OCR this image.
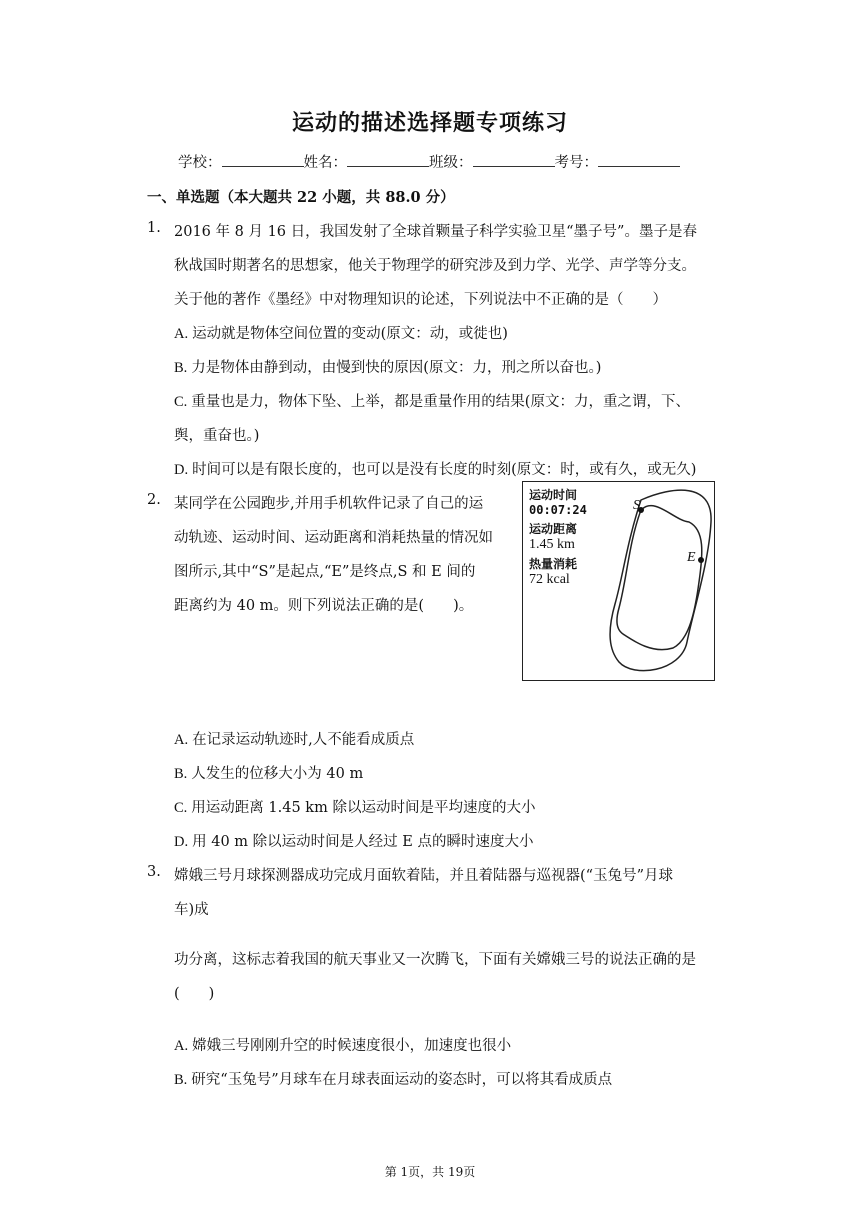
运动的描述选择题专项练习
学校：	姓名：	班级：	考号：
一、单选题（本大题共 22 小题，共 88.0 分）
1. 2016 年 8 月 16 日，我国发射了全球首颗量子科学实验卫星“墨子号”。墨子是春
秋战国时期著名的思想家，他关于物理学的研究涉及到力学、光学、声学等分支。
关于他的著作《墨经》中对物理知识的论述，下列说法中不正确的是（　　）
A. 运动就是物体空间位置的变动(原文：动，或徙也)
B. 力是物体由静到动，由慢到快的原因(原文：力，刑之所以奋也。)
C. 重量也是力，物体下坠、上举，都是重量作用的结果(原文：力，重之谓，下、
舆，重奋也。)
D. 时间可以是有限长度的，也可以是没有长度的时刻(原文：时，或有久，或无久)
2. 某同学在公园跑步,并用手机软件记录了自己的运
动轨迹、运动时间、运动距离和消耗热量的情况如
图所示,其中“S”是起点,“E”是终点,S 和 E 间的
距离约为 40 m。则下列说法正确的是(　　)。
运动时间
00:07:24
运动距离
1.45 km
热量消耗
72 kcal
S
E
A. 在记录运动轨迹时,人不能看成质点
B. 人发生的位移大小为 40 m
C. 用运动距离 1.45 km 除以运动时间是平均速度的大小
D. 用 40 m 除以运动时间是人经过 E 点的瞬时速度大小
3. 嫦娥三号月球探测器成功完成月面软着陆，并且着陆器与巡视器(“玉兔号”月球
车)成
功分离，这标志着我国的航天事业又一次腾飞，下面有关嫦娥三号的说法正确的是
(　　)
A. 嫦娥三号刚刚升空的时候速度很小，加速度也很小
B. 研究“玉兔号”月球车在月球表面运动的姿态时，可以将其看成质点
第 1页，共 19页
